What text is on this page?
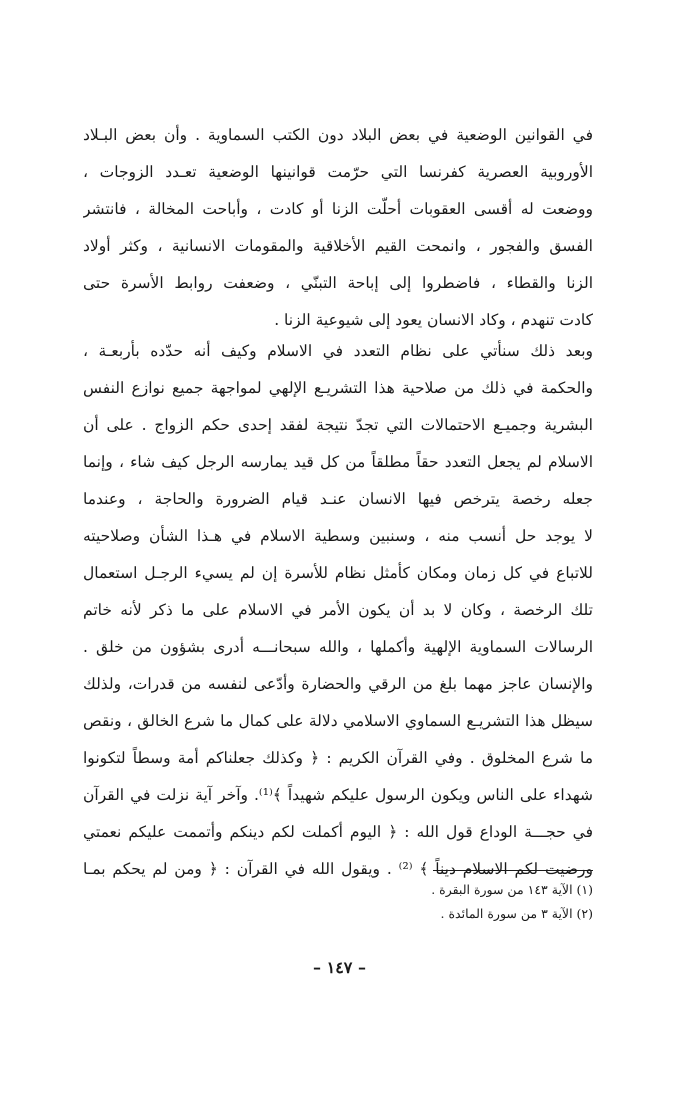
في القوانين الوضعية في بعض البلاد دون الكتب السماوية . وأن بعض البـلاد
الأوروبية العصرية كفرنسا التي حرّمت قوانينها الوضعية تعـدد الزوجات ،
ووضعت له أقسى العقوبات أحلّت الزنا أو كادت ، وأباحت المخالة ، فانتشر
الفسق والفجور ، وانمحت القيم الأخلاقية والمقومات الانسانية ، وكثر أولاد
الزنا والقطاء ، فاضطروا إلى إباحة التبنّي ، وضعفت روابط الأسرة حتى
كادت تنهدم ، وكاد الانسان يعود إلى شيوعية الزنا .
وبعد ذلك سنأتي على نظام التعدد في الاسلام وكيف أنه حدّده بأربعـة ،
والحكمة في ذلك من صلاحية هذا التشريـع الإلهي لمواجهة جميع نوازع النفس
البشرية وجميـع الاحتمالات التي تجدّ نتيجة لفقد إحدى حكم الزواج . على أن
الاسلام لم يجعل التعدد حقاً مطلقاً من كل قيد يمارسه الرجل كيف شاء ، وإنما
جعله رخصة يترخص فيها الانسان عنـد قيام الضرورة والحاجة ، وعندما
لا يوجد حل أنسب منه ، وسنبين وسطية الاسلام في هـذا الشأن وصلاحيته
للاتباع في كل زمان ومكان كأمثل نظام للأسرة إن لم يسيء الرجـل استعمال
تلك الرخصة ، وكان لا بد أن يكون الأمر في الاسلام على ما ذكر لأنه خاتم
الرسالات السماوية الإلهية وأكملها ، والله سبحانـــه أدرى بشؤون من خلق .
والإنسان عاجز مهما بلغ من الرقي والحضارة وأدّعى لنفسه من قدرات، ولذلك
سيظل هذا التشريـع السماوي الاسلامي دلالة على كمال ما شرع الخالق ، ونقص
ما شرع المخلوق . وفي القرآن الكريم : ﴿ وكذلك جعلناكم أمة وسطاً لتكونوا
شهداء على الناس ويكون الرسول عليكم شهيداً ﴾⁽¹⁾. وآخر آية نزلت في القرآن
في حجـــة الوداع قول الله : ﴿ اليوم أكملت لكم دينكم وأتممت عليكم نعمتي
ورضيت لكم الاسلام ديناً ﴾ ⁽²⁾ . ويقول الله في القرآن : ﴿ ومن لم يحكم بمـا
(١) الآية ١٤٣ من سورة البقرة .
(٢) الآية ٣ من سورة المائدة .
– ١٤٧ –
